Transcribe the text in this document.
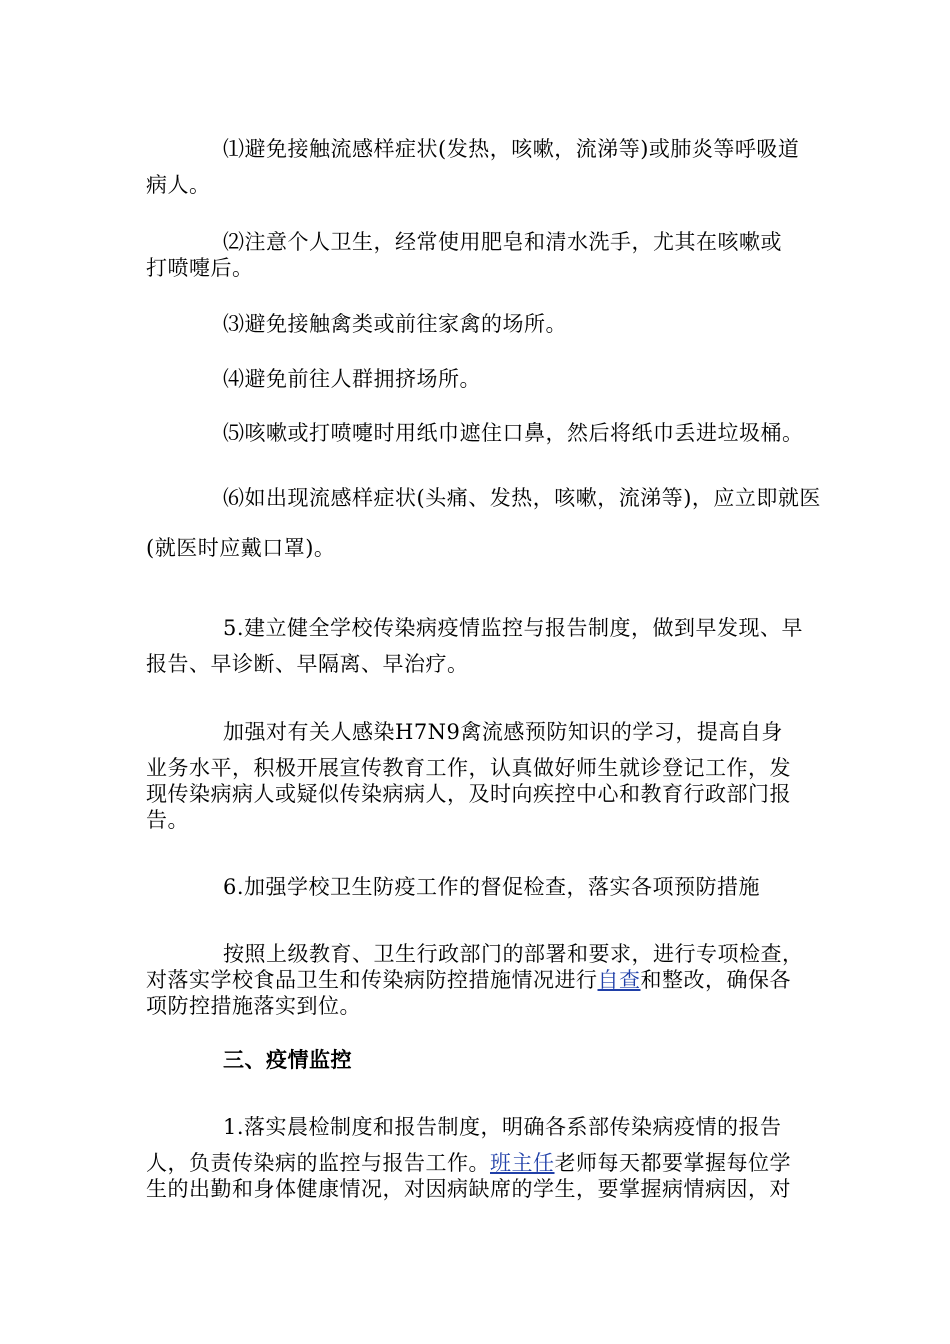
⑴避免接触流感样症状(发热，咳嗽，流涕等)或肺炎等呼吸道
病人。
⑵注意个人卫生，经常使用肥皂和清水洗手，尤其在咳嗽或
打喷嚏后。
⑶避免接触禽类或前往家禽的场所。
⑷避免前往人群拥挤场所。
⑸咳嗽或打喷嚏时用纸巾遮住口鼻，然后将纸巾丢进垃圾桶。
⑹如出现流感样症状(头痛、发热，咳嗽，流涕等)，应立即就医
(就医时应戴口罩)。
5.建立健全学校传染病疫情监控与报告制度，做到早发现、早
报告、早诊断、早隔离、早治疗。
加强对有关人感染H7N9禽流感预防知识的学习，提高自身
业务水平，积极开展宣传教育工作，认真做好师生就诊登记工作，发
现传染病病人或疑似传染病病人，及时向疾控中心和教育行政部门报
告。
6.加强学校卫生防疫工作的督促检查，落实各项预防措施
按照上级教育、卫生行政部门的部署和要求，进行专项检查，
对落实学校食品卫生和传染病防控措施情况进行自查和整改，确保各
项防控措施落实到位。
三、疫情监控
1.落实晨检制度和报告制度，明确各系部传染病疫情的报告
人，负责传染病的监控与报告工作。班主任老师每天都要掌握每位学
生的出勤和身体健康情况，对因病缺席的学生，要掌握病情病因，对
